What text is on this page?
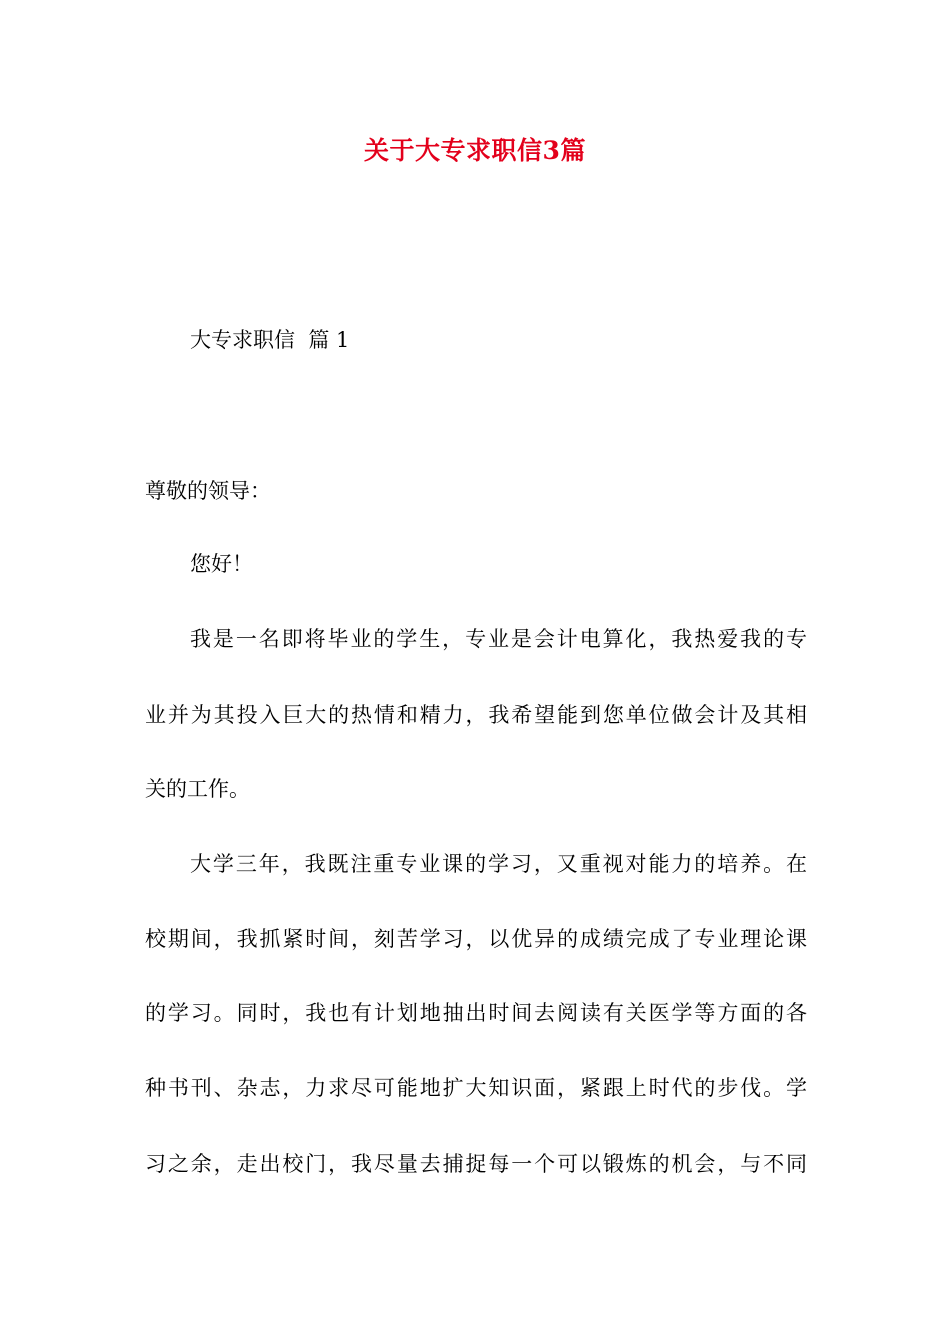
关于大专求职信3篇
大专求职信  篇 1
尊敬的领导：
您好！
我是一名即将毕业的学生，专业是会计电算化，我热爱我的专
业并为其投入巨大的热情和精力，我希望能到您单位做会计及其相
关的工作。
大学三年，我既注重专业课的学习，又重视对能力的培养。在
校期间，我抓紧时间，刻苦学习，以优异的成绩完成了专业理论课
的学习。同时，我也有计划地抽出时间去阅读有关医学等方面的各
种书刊、杂志，力求尽可能地扩大知识面，紧跟上时代的步伐。学
习之余，走出校门，我尽量去捕捉每一个可以锻炼的机会，与不同
